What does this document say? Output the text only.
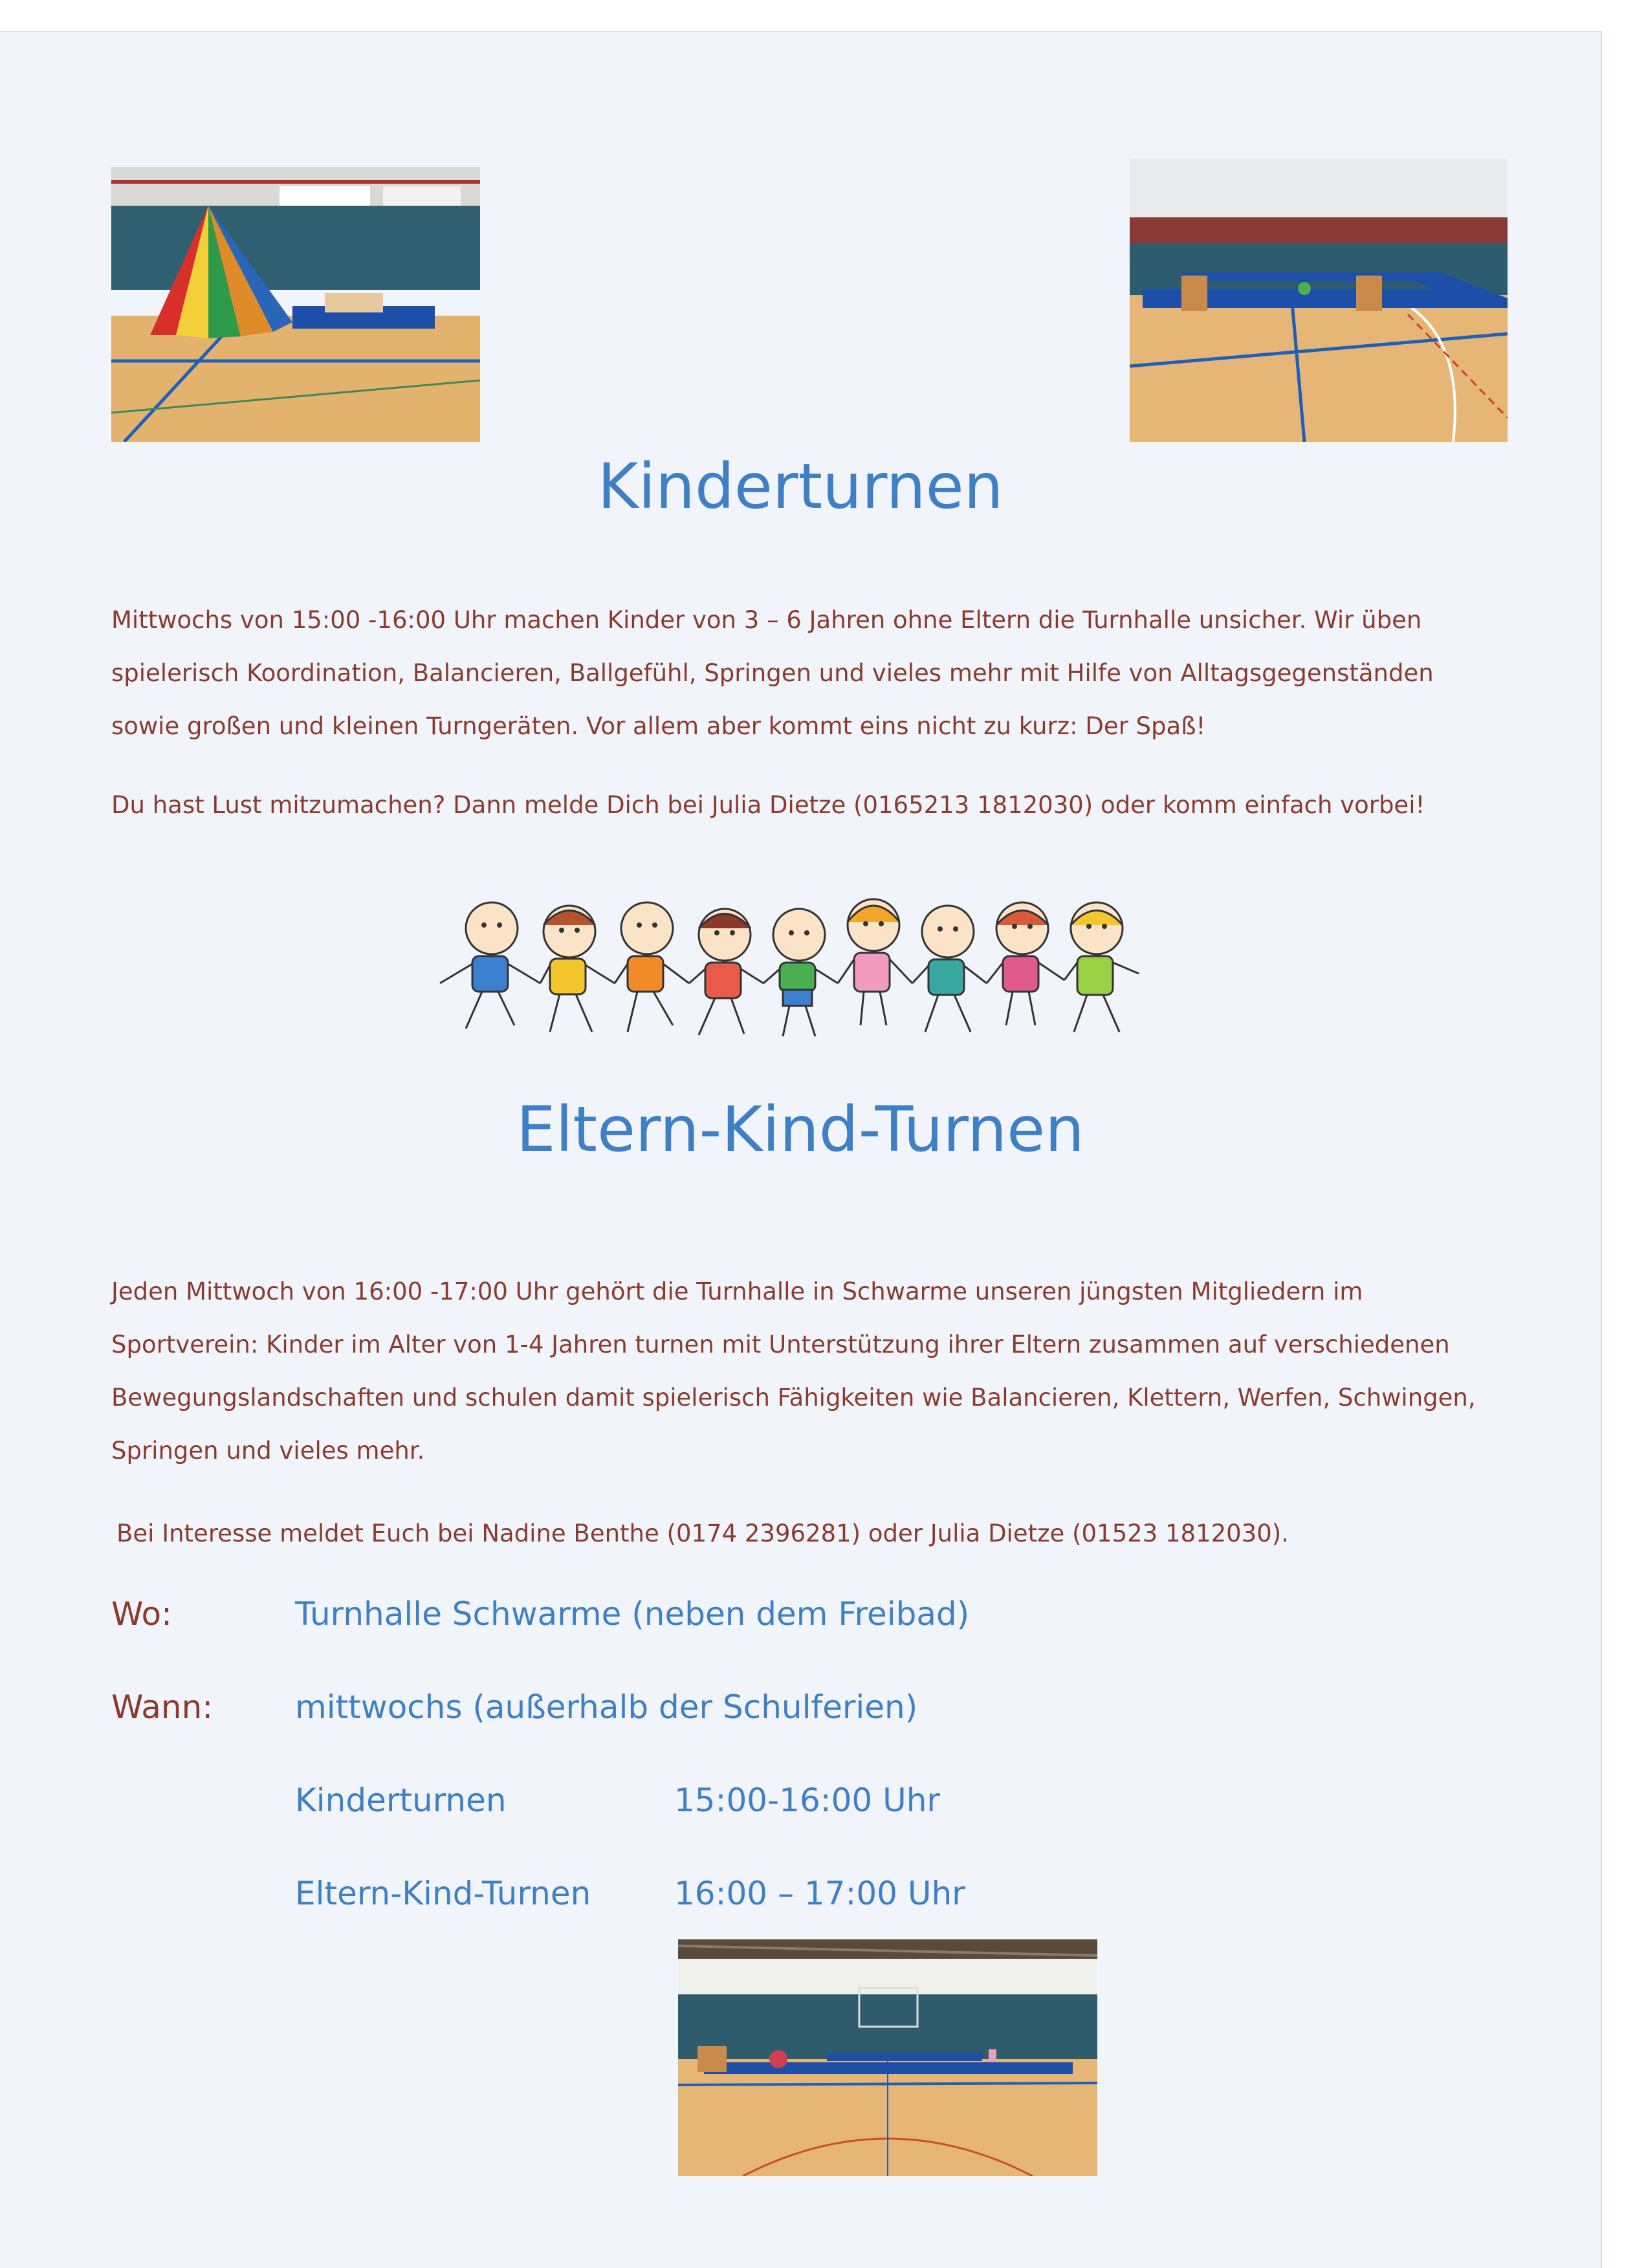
Kinderturnen

Mittwochs von 15:00 -16:00 Uhr machen Kinder von 3 – 6 Jahren ohne Eltern die Turnhalle unsicher. Wir üben spielerisch Koordination, Balancieren, Ballgefühl, Springen und vieles mehr mit Hilfe von Alltagsgegenständen sowie großen und kleinen Turngeräten. Vor allem aber kommt eins nicht zu kurz: Der Spaß!

Du hast Lust mitzumachen? Dann melde Dich bei Julia Dietze (0165213 1812030) oder komm einfach vorbei!

Eltern-Kind-Turnen

Jeden Mittwoch von 16:00 -17:00 Uhr gehört die Turnhalle in Schwarme unseren jüngsten Mitgliedern im Sportverein: Kinder im Alter von 1-4 Jahren turnen mit Unterstützung ihrer Eltern zusammen auf verschiedenen Bewegungslandschaften und schulen damit spielerisch Fähigkeiten wie Balancieren, Klettern, Werfen, Schwingen, Springen und vieles mehr.

Bei Interesse meldet Euch bei Nadine Benthe (0174 2396281) oder Julia Dietze (01523 1812030).

Wo:	Turnhalle Schwarme (neben dem Freibad)
Wann:	mittwochs (außerhalb der Schulferien)
Kinderturnen	15:00-16:00 Uhr
Eltern-Kind-Turnen	16:00 – 17:00 Uhr
